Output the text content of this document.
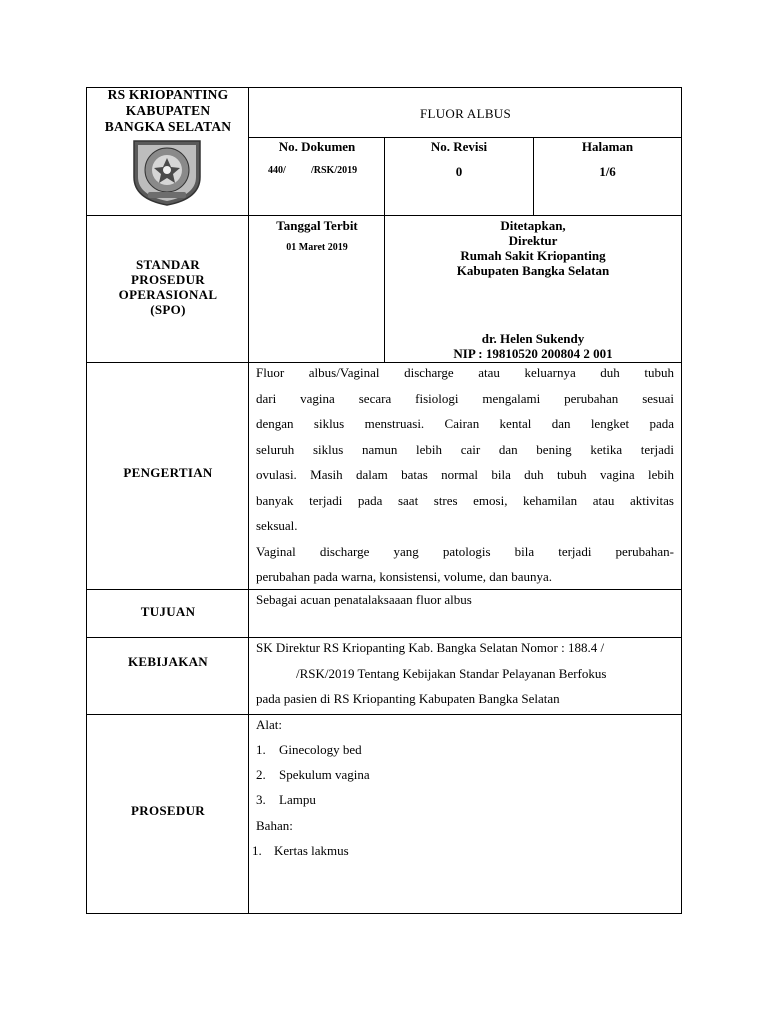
RS KRIOPANTING
KABUPATEN
BANGKA SELATAN
FLUOR ALBUS
No. Dokumen
440/	/RSK/2019
No. Revisi
0
Halaman
1/6
STANDAR
PROSEDUR
OPERASIONAL
(SPO)
Tanggal Terbit
01 Maret 2019
Ditetapkan,
Direktur
Rumah Sakit Kriopanting
Kabupaten Bangka Selatan
dr. Helen Sukendy
NIP : 19810520 200804 2 001
PENGERTIAN
Fluor albus/Vaginal discharge atau keluarnya duh tubuh
dari vagina secara fisiologi mengalami perubahan sesuai
dengan siklus menstruasi. Cairan kental dan lengket pada
seluruh siklus namun lebih cair dan bening ketika terjadi
ovulasi. Masih dalam batas normal bila duh tubuh vagina lebih
banyak terjadi pada saat stres emosi, kehamilan atau aktivitas
seksual.
Vaginal discharge yang patologis bila terjadi perubahan-
perubahan pada warna, konsistensi, volume, dan baunya.
TUJUAN
Sebagai acuan penatalaksaaan fluor albus
KEBIJAKAN
SK Direktur RS Kriopanting Kab. Bangka Selatan Nomor : 188.4 /
/RSK/2019 Tentang Kebijakan Standar Pelayanan Berfokus
pada pasien di RS Kriopanting Kabupaten Bangka Selatan
PROSEDUR
Alat:
1. Ginecology bed
2. Spekulum vagina
3. Lampu
Bahan:
1. Kertas lakmus
